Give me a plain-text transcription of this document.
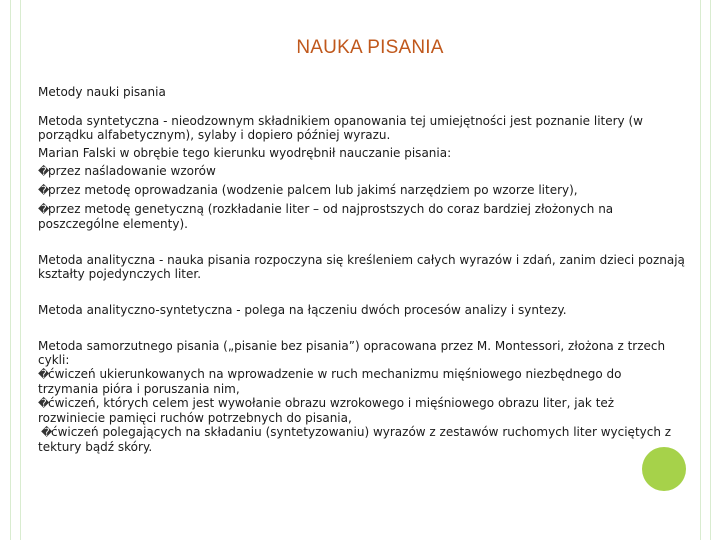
NAUKA PISANIA
Metody nauki pisania
Metoda syntetyczna - nieodzownym składnikiem opanowania tej umiejętności jest poznanie litery (w
porządku alfabetycznym), sylaby i dopiero później wyrazu.
Marian Falski w obrębie tego kierunku wyodrębnił nauczanie pisania:
�przez naśladowanie wzorów
�przez metodę oprowadzania (wodzenie palcem lub jakimś narzędziem po wzorze litery),
�przez metodę genetyczną (rozkładanie liter – od najprostszych do coraz bardziej złożonych na
poszczególne elementy).
Metoda analityczna - nauka pisania rozpoczyna się kreśleniem całych wyrazów i zdań, zanim dzieci poznają
kształty pojedynczych liter.
Metoda analityczno-syntetyczna - polega na łączeniu dwóch procesów analizy i syntezy.
Metoda samorzutnego pisania („pisanie bez pisania”) opracowana przez M. Montessori, złożona z trzech
cykli:
�ćwiczeń ukierunkowanych na wprowadzenie w ruch mechanizmu mięśniowego niezbędnego do
trzymania pióra i poruszania nim,
�ćwiczeń, których celem jest wywołanie obrazu wzrokowego i mięśniowego obrazu liter, jak też
rozwiniecie pamięci ruchów potrzebnych do pisania,
�ćwiczeń polegających na składaniu (syntetyzowaniu) wyrazów z zestawów ruchomych liter wyciętych z
tektury bądź skóry.
